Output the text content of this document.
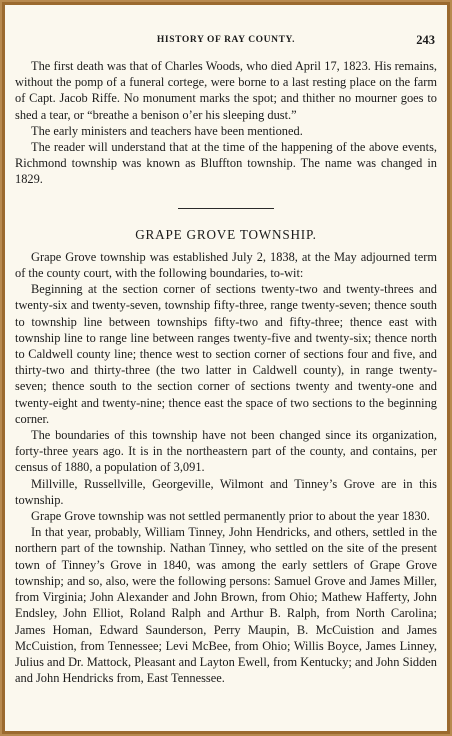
HISTORY OF RAY COUNTY.	243

The first death was that of Charles Woods, who died April 17, 1823. His remains, without the pomp of a funeral cortege, were borne to a last resting place on the farm of Capt. Jacob Riffe. No monument marks the spot; and thither no mourner goes to shed a tear, or “breathe a benison o’er his sleeping dust.”

The early ministers and teachers have been mentioned.

The reader will understand that at the time of the happening of the above events, Richmond township was known as Bluffton township. The name was changed in 1829.

GRAPE GROVE TOWNSHIP.

Grape Grove township was established July 2, 1838, at the May adjourned term of the county court, with the following boundaries, to-wit:

Beginning at the section corner of sections twenty-two and twenty-threes and twenty-six and twenty-seven, township fifty-three, range twenty-seven; thence south to township line between townships fifty-two and fifty-three; thence east with township line to range line between ranges twenty-five and twenty-six; thence north to Caldwell county line; thence west to section corner of sections four and five, and thirty-two and thirty-three (the two latter in Caldwell county), in range twenty-seven; thence south to the section corner of sections twenty and twenty-one and twenty-eight and twenty-nine; thence east the space of two sections to the beginning corner.

The boundaries of this township have not been changed since its organization, forty-three years ago. It is in the northeastern part of the county, and contains, per census of 1880, a population of 3,091.

Millville, Russellville, Georgeville, Wilmont and Tinney’s Grove are in this township.

Grape Grove township was not settled permanently prior to about the year 1830.

In that year, probably, William Tinney, John Hendricks, and others, settled in the northern part of the township. Nathan Tinney, who settled on the site of the present town of Tinney’s Grove in 1840, was among the early settlers of Grape Grove township; and so, also, were the following persons: Samuel Grove and James Miller, from Virginia; John Alexander and John Brown, from Ohio; Mathew Hafferty, John Endsley, John Elliot, Roland Ralph and Arthur B. Ralph, from North Carolina; James Homan, Edward Saunderson, Perry Maupin, B. McCuistion and James McCuistion, from Tennessee; Levi McBee, from Ohio; Willis Boyce, James Linney, Julius and Dr. Mattock, Pleasant and Layton Ewell, from Kentucky; and John Sidden and John Hendricks from, East Tennessee.
